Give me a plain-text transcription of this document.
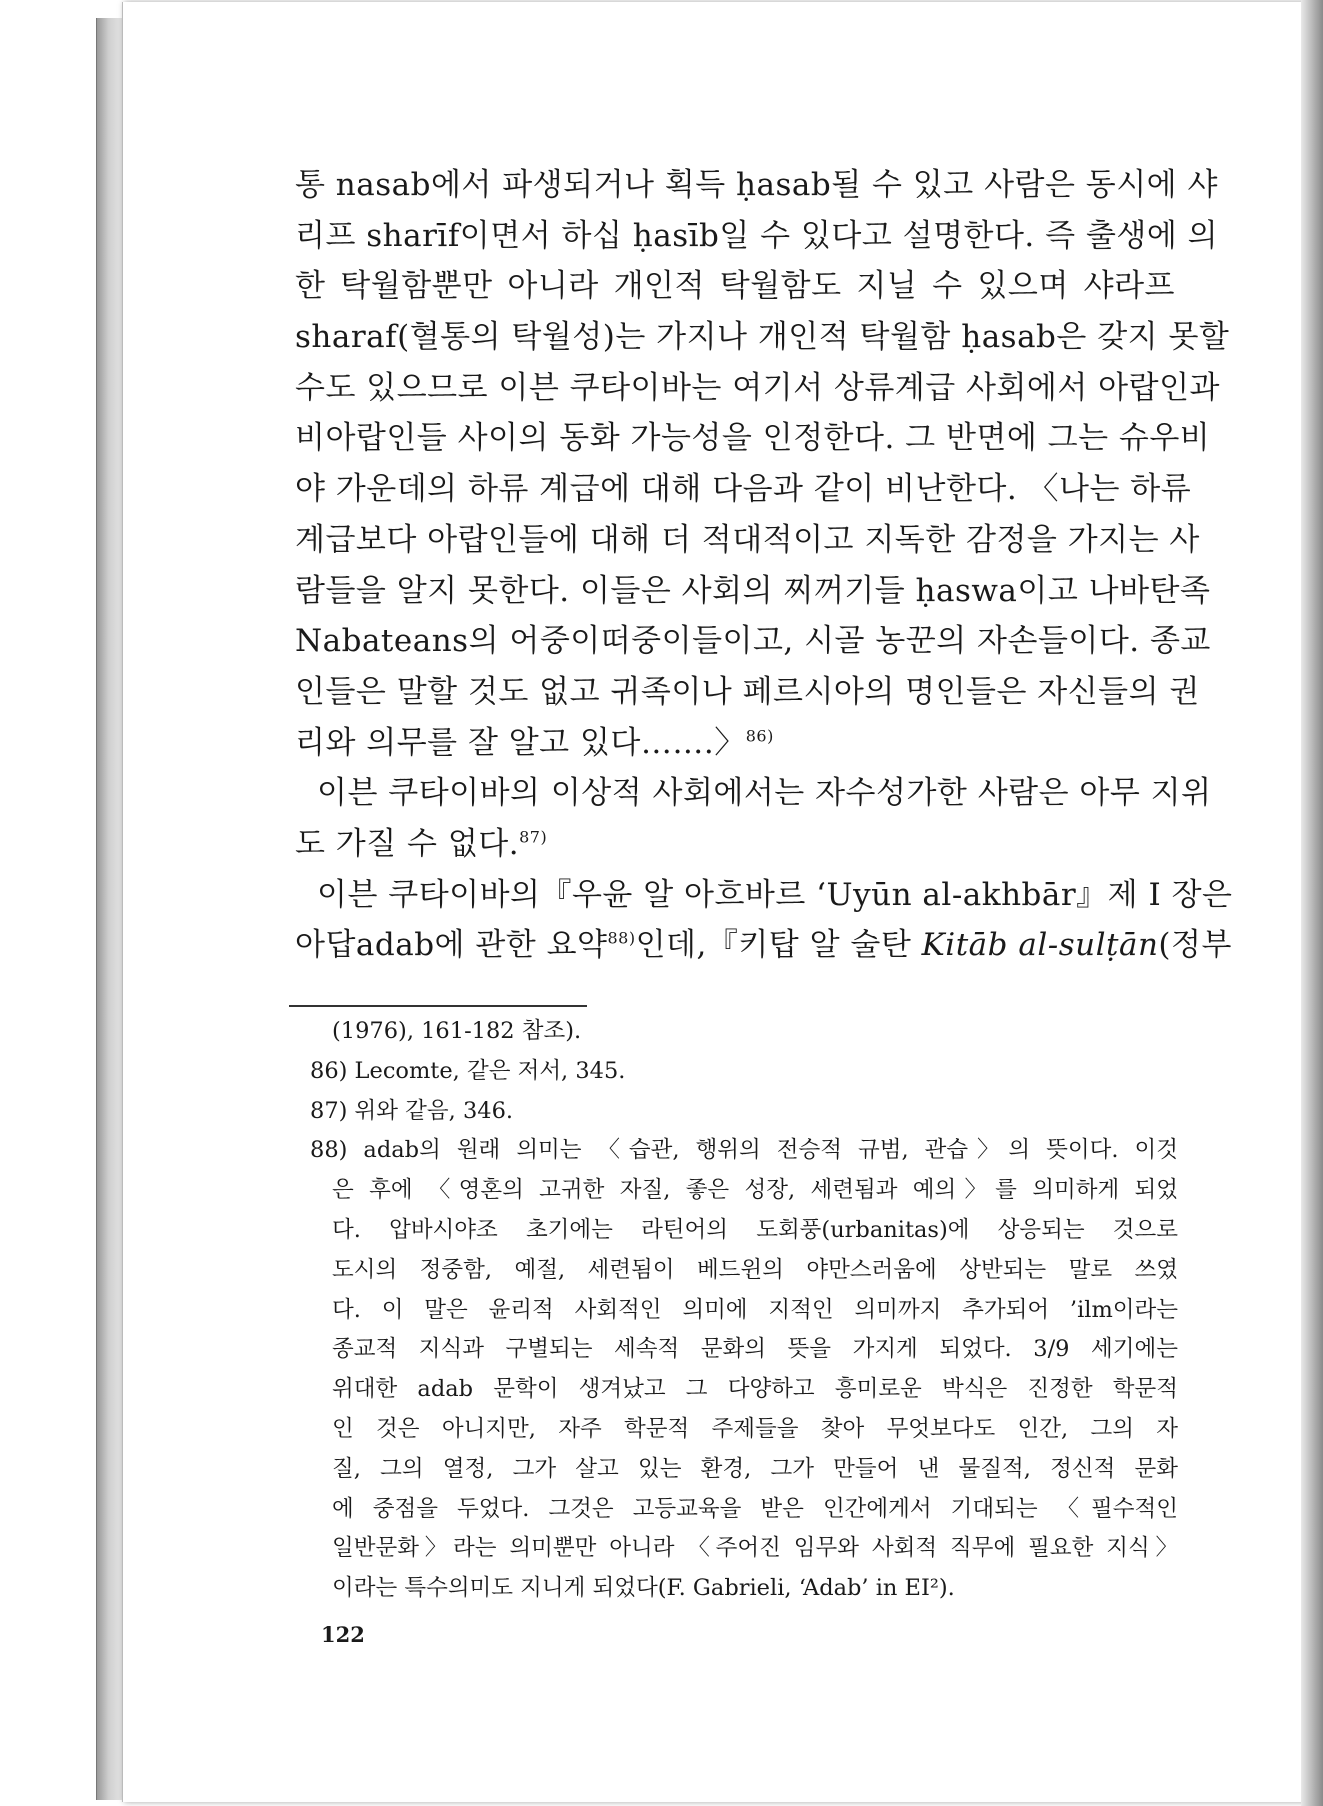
통 nasab에서 파생되거나 획득 ḥasab될 수 있고 사람은 동시에 샤
리프 sharīf이면서 하십 ḥasīb일 수 있다고 설명한다. 즉 출생에 의
한 탁월함뿐만 아니라 개인적 탁월함도 지닐 수 있으며 샤라프
sharaf(혈통의 탁월성)는 가지나 개인적 탁월함 ḥasab은 갖지 못할
수도 있으므로 이븐 쿠타이바는 여기서 상류계급 사회에서 아랍인과
비아랍인들 사이의 동화 가능성을 인정한다. 그 반면에 그는 슈우비
야 가운데의 하류 계급에 대해 다음과 같이 비난한다. 〈나는 하류
계급보다 아랍인들에 대해 더 적대적이고 지독한 감정을 가지는 사
람들을 알지 못한다. 이들은 사회의 찌꺼기들 ḥaswa이고 나바탄족
Nabateans의 어중이떠중이들이고, 시골 농꾼의 자손들이다. 종교
인들은 말할 것도 없고 귀족이나 페르시아의 명인들은 자신들의 권
리와 의무를 잘 알고 있다…….〉$^{86)}$
이븐 쿠타이바의 이상적 사회에서는 자수성가한 사람은 아무 지위
도 가질 수 없다.$^{87)}$
이븐 쿠타이바의『우윤 알 아흐바르 ‘Uyūn al-akhbār』제 I 장은
아답adab에 관한 요약$^{88)}$인데,『키탑 알 술탄 Kitāb al-sulṭān(정부
(1976), 161-182 참조).
86) Lecomte, 같은 저서, 345.
87) 위와 같음, 346.
88) adab의 원래 의미는 〈습관, 행위의 전승적 규범, 관습〉의 뜻이다. 이것
은 후에 〈영혼의 고귀한 자질, 좋은 성장, 세련됨과 예의〉를 의미하게 되었
다. 압바시야조 초기에는 라틴어의 도회풍(urbanitas)에 상응되는 것으로
도시의 정중함, 예절, 세련됨이 베드윈의 야만스러움에 상반되는 말로 쓰였
다. 이 말은 윤리적 사회적인 의미에 지적인 의미까지 추가되어 ’ilm이라는
종교적 지식과 구별되는 세속적 문화의 뜻을 가지게 되었다. 3/9 세기에는
위대한 adab 문학이 생겨났고 그 다양하고 흥미로운 박식은 진정한 학문적
인 것은 아니지만, 자주 학문적 주제들을 찾아 무엇보다도 인간, 그의 자
질, 그의 열정, 그가 살고 있는 환경, 그가 만들어 낸 물질적, 정신적 문화
에 중점을 두었다. 그것은 고등교육을 받은 인간에게서 기대되는 〈필수적인
일반문화〉라는 의미뿐만 아니라 〈주어진 임무와 사회적 직무에 필요한 지식〉
이라는 특수의미도 지니게 되었다(F. Gabrieli, ‘Adab’ in EI²).
122
